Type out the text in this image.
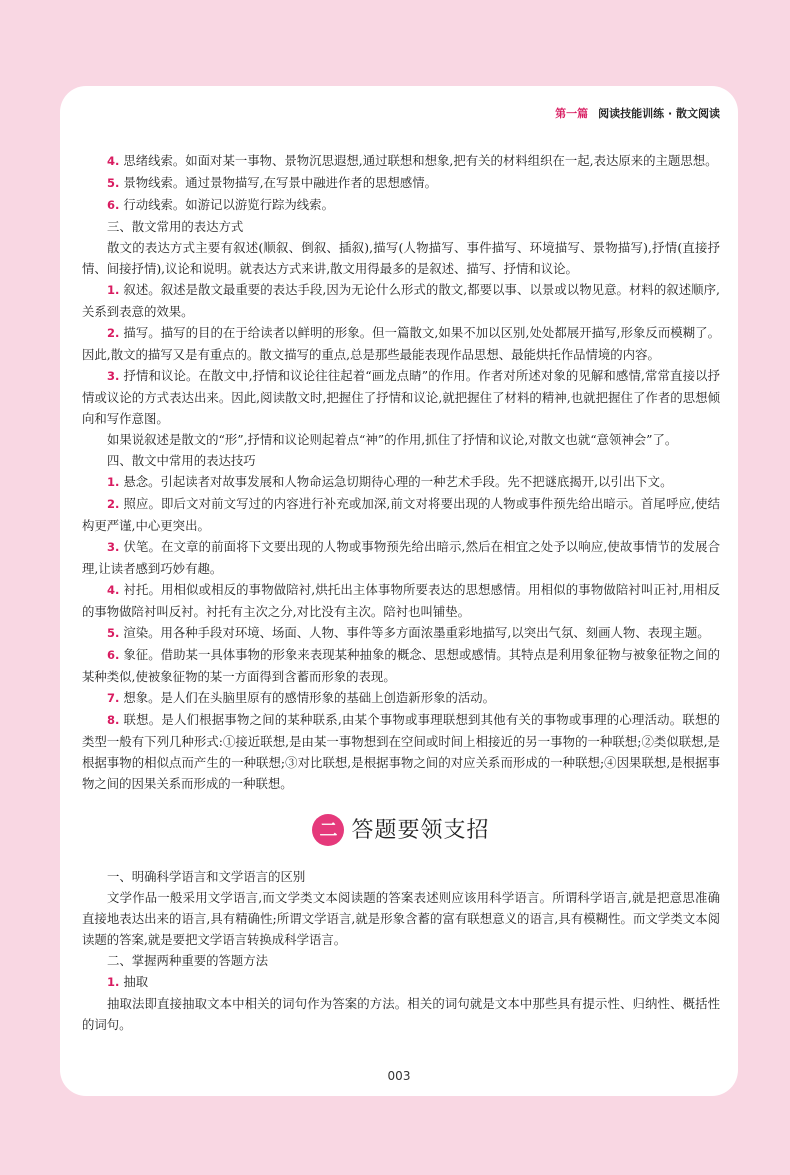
第一篇 阅读技能训练 · 散文阅读

4. 思绪线索。如面对某一事物、景物沉思遐想,通过联想和想象,把有关的材料组织在一起,表达原来的主题思想。

5. 景物线索。通过景物描写,在写景中融进作者的思想感情。

6. 行动线索。如游记以游览行踪为线索。

三、散文常用的表达方式

散文的表达方式主要有叙述(顺叙、倒叙、插叙),描写(人物描写、事件描写、环境描写、景物描写),抒情(直接抒情、间接抒情),议论和说明。就表达方式来讲,散文用得最多的是叙述、描写、抒情和议论。

1. 叙述。叙述是散文最重要的表达手段,因为无论什么形式的散文,都要以事、以景或以物见意。材料的叙述顺序,关系到表意的效果。

2. 描写。描写的目的在于给读者以鲜明的形象。但一篇散文,如果不加以区别,处处都展开描写,形象反而模糊了。因此,散文的描写又是有重点的。散文描写的重点,总是那些最能表现作品思想、最能烘托作品情境的内容。

3. 抒情和议论。在散文中,抒情和议论往往起着“画龙点睛”的作用。作者对所述对象的见解和感情,常常直接以抒情或议论的方式表达出来。因此,阅读散文时,把握住了抒情和议论,就把握住了材料的精神,也就把握住了作者的思想倾向和写作意图。

如果说叙述是散文的“形”,抒情和议论则起着点“神”的作用,抓住了抒情和议论,对散文也就“意领神会”了。

四、散文中常用的表达技巧

1. 悬念。引起读者对故事发展和人物命运急切期待心理的一种艺术手段。先不把谜底揭开,以引出下文。

2. 照应。即后文对前文写过的内容进行补充或加深,前文对将要出现的人物或事件预先给出暗示。首尾呼应,使结构更严谨,中心更突出。

3. 伏笔。在文章的前面将下文要出现的人物或事物预先给出暗示,然后在相宜之处予以响应,使故事情节的发展合理,让读者感到巧妙有趣。

4. 衬托。用相似或相反的事物做陪衬,烘托出主体事物所要表达的思想感情。用相似的事物做陪衬叫正衬,用相反的事物做陪衬叫反衬。衬托有主次之分,对比没有主次。陪衬也叫铺垫。

5. 渲染。用各种手段对环境、场面、人物、事件等多方面浓墨重彩地描写,以突出气氛、刻画人物、表现主题。

6. 象征。借助某一具体事物的形象来表现某种抽象的概念、思想或感情。其特点是利用象征物与被象征物之间的某种类似,使被象征物的某一方面得到含蓄而形象的表现。

7. 想象。是人们在头脑里原有的感情形象的基础上创造新形象的活动。

8. 联想。是人们根据事物之间的某种联系,由某个事物或事理联想到其他有关的事物或事理的心理活动。联想的类型一般有下列几种形式:①接近联想,是由某一事物想到在空间或时间上相接近的另一事物的一种联想;②类似联想,是根据事物的相似点而产生的一种联想;③对比联想,是根据事物之间的对应关系而形成的一种联想;④因果联想,是根据事物之间的因果关系而形成的一种联想。

二 答题要领支招

一、明确科学语言和文学语言的区别

文学作品一般采用文学语言,而文学类文本阅读题的答案表述则应该用科学语言。所谓科学语言,就是把意思准确直接地表达出来的语言,具有精确性;所谓文学语言,就是形象含蓄的富有联想意义的语言,具有模糊性。而文学类文本阅读题的答案,就是要把文学语言转换成科学语言。

二、掌握两种重要的答题方法

1. 抽取

抽取法即直接抽取文本中相关的词句作为答案的方法。相关的词句就是文本中那些具有提示性、归纳性、概括性的词句。

003
